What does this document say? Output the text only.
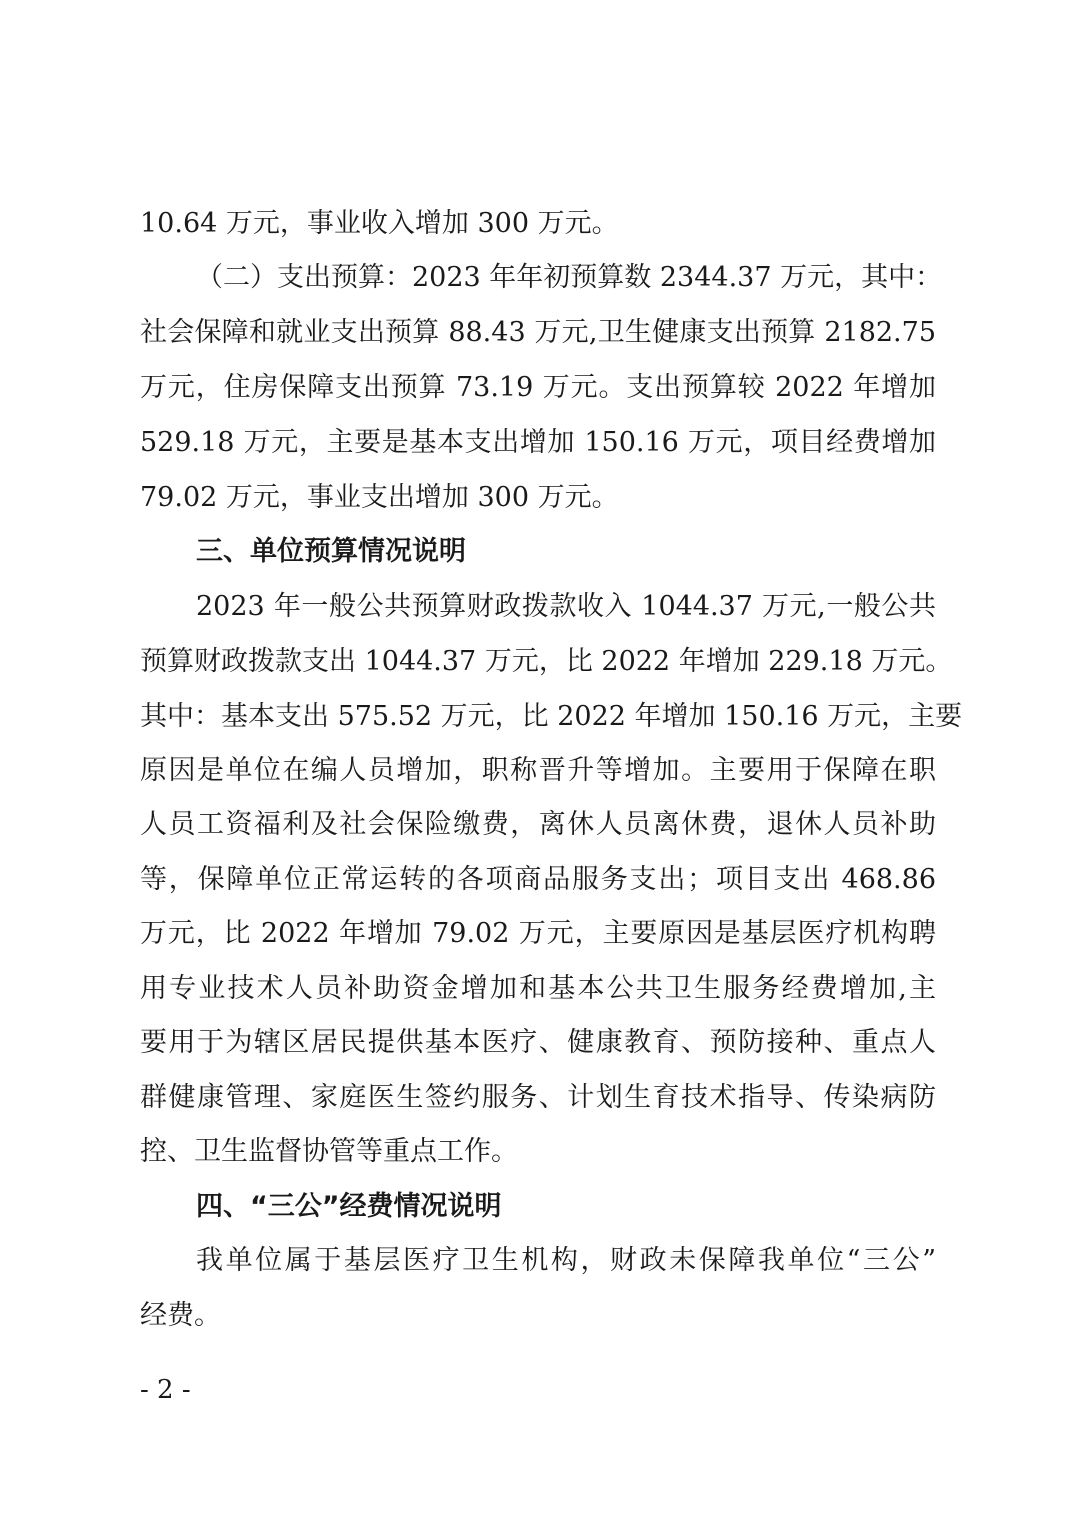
10.64 万元，事业收入增加 300 万元。
（二）支出预算：2023 年年初预算数 2344.37 万元，其中：
社会保障和就业支出预算 88.43 万元,卫生健康支出预算 2182.75
万元，住房保障支出预算 73.19 万元。支出预算较 2022 年增加
529.18 万元，主要是基本支出增加 150.16 万元，项目经费增加
79.02 万元，事业支出增加 300 万元。
三、单位预算情况说明
2023 年一般公共预算财政拨款收入 1044.37 万元,一般公共
预算财政拨款支出 1044.37 万元，比 2022 年增加 229.18 万元。
其中：基本支出 575.52 万元，比 2022 年增加 150.16 万元，主要
原因是单位在编人员增加，职称晋升等增加。主要用于保障在职
人员工资福利及社会保险缴费，离休人员离休费，退休人员补助
等，保障单位正常运转的各项商品服务支出；项目支出 468.86
万元，比 2022 年增加 79.02 万元，主要原因是基层医疗机构聘
用专业技术人员补助资金增加和基本公共卫生服务经费增加,主
要用于为辖区居民提供基本医疗、健康教育、预防接种、重点人
群健康管理、家庭医生签约服务、计划生育技术指导、传染病防
控、卫生监督协管等重点工作。
四、“三公”经费情况说明
我单位属于基层医疗卫生机构，财政未保障我单位“三公”
经费。
- 2 -
